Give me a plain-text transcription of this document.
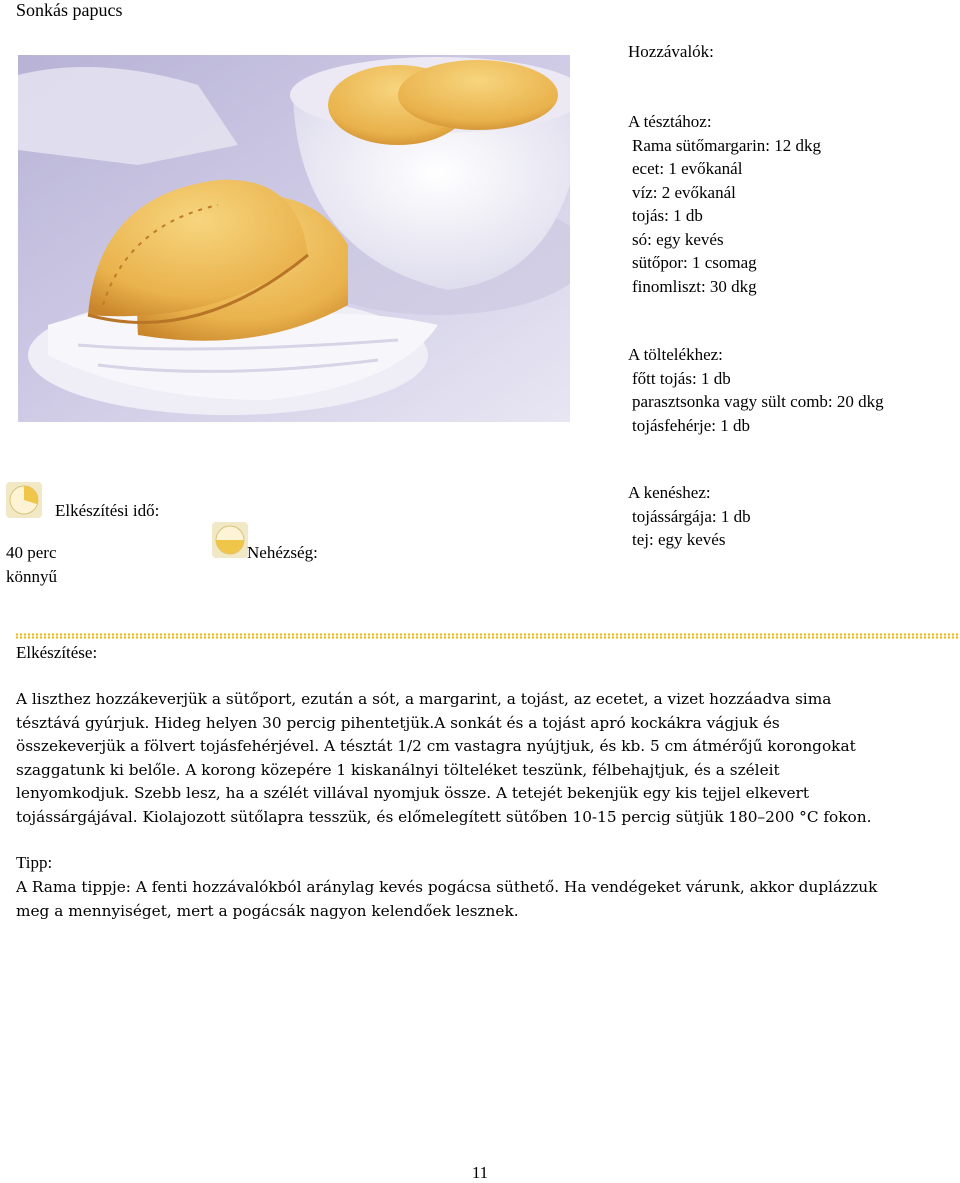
Sonkás papucs
Hozzávalók:
A tésztához:
Rama sütőmargarin: 12 dkg
ecet: 1 evőkanál
víz: 2 evőkanál
tojás: 1 db
só: egy kevés
sütőpor: 1 csomag
finomliszt: 30 dkg
A töltelékhez:
főtt tojás: 1 db
parasztsonka vagy sült comb: 20 dkg
tojásfehérje: 1 db
A kenéshez:
tojássárgája: 1 db
tej: egy kevés
Elkészítési idő:
40 perc
könnyű
Nehézség:
Elkészítése:
A liszthez hozzákeverjük a sütőport, ezután a sót, a margarint, a tojást, az ecetet, a vizet hozzáadva sima
tésztává gyúrjuk. Hideg helyen 30 percig pihentetjük.A sonkát és a tojást apró kockákra vágjuk és
összekeverjük a fölvert tojásfehérjével. A tésztát 1/2 cm vastagra nyújtjuk, és kb. 5 cm átmérőjű korongokat
szaggatunk ki belőle. A korong közepére 1 kiskanálnyi tölteléket teszünk, félbehajtjuk, és a széleit
lenyomkodjuk. Szebb lesz, ha a szélét villával nyomjuk össze. A tetejét bekenjük egy kis tejjel elkevert
tojássárgájával. Kiolajozott sütőlapra tesszük, és előmelegített sütőben 10-15 percig sütjük 180–200 °C fokon.
Tipp:
A Rama tippje: A fenti hozzávalókból aránylag kevés pogácsa süthető. Ha vendégeket várunk, akkor duplázzuk
meg a mennyiséget, mert a pogácsák nagyon kelendőek lesznek.
11
